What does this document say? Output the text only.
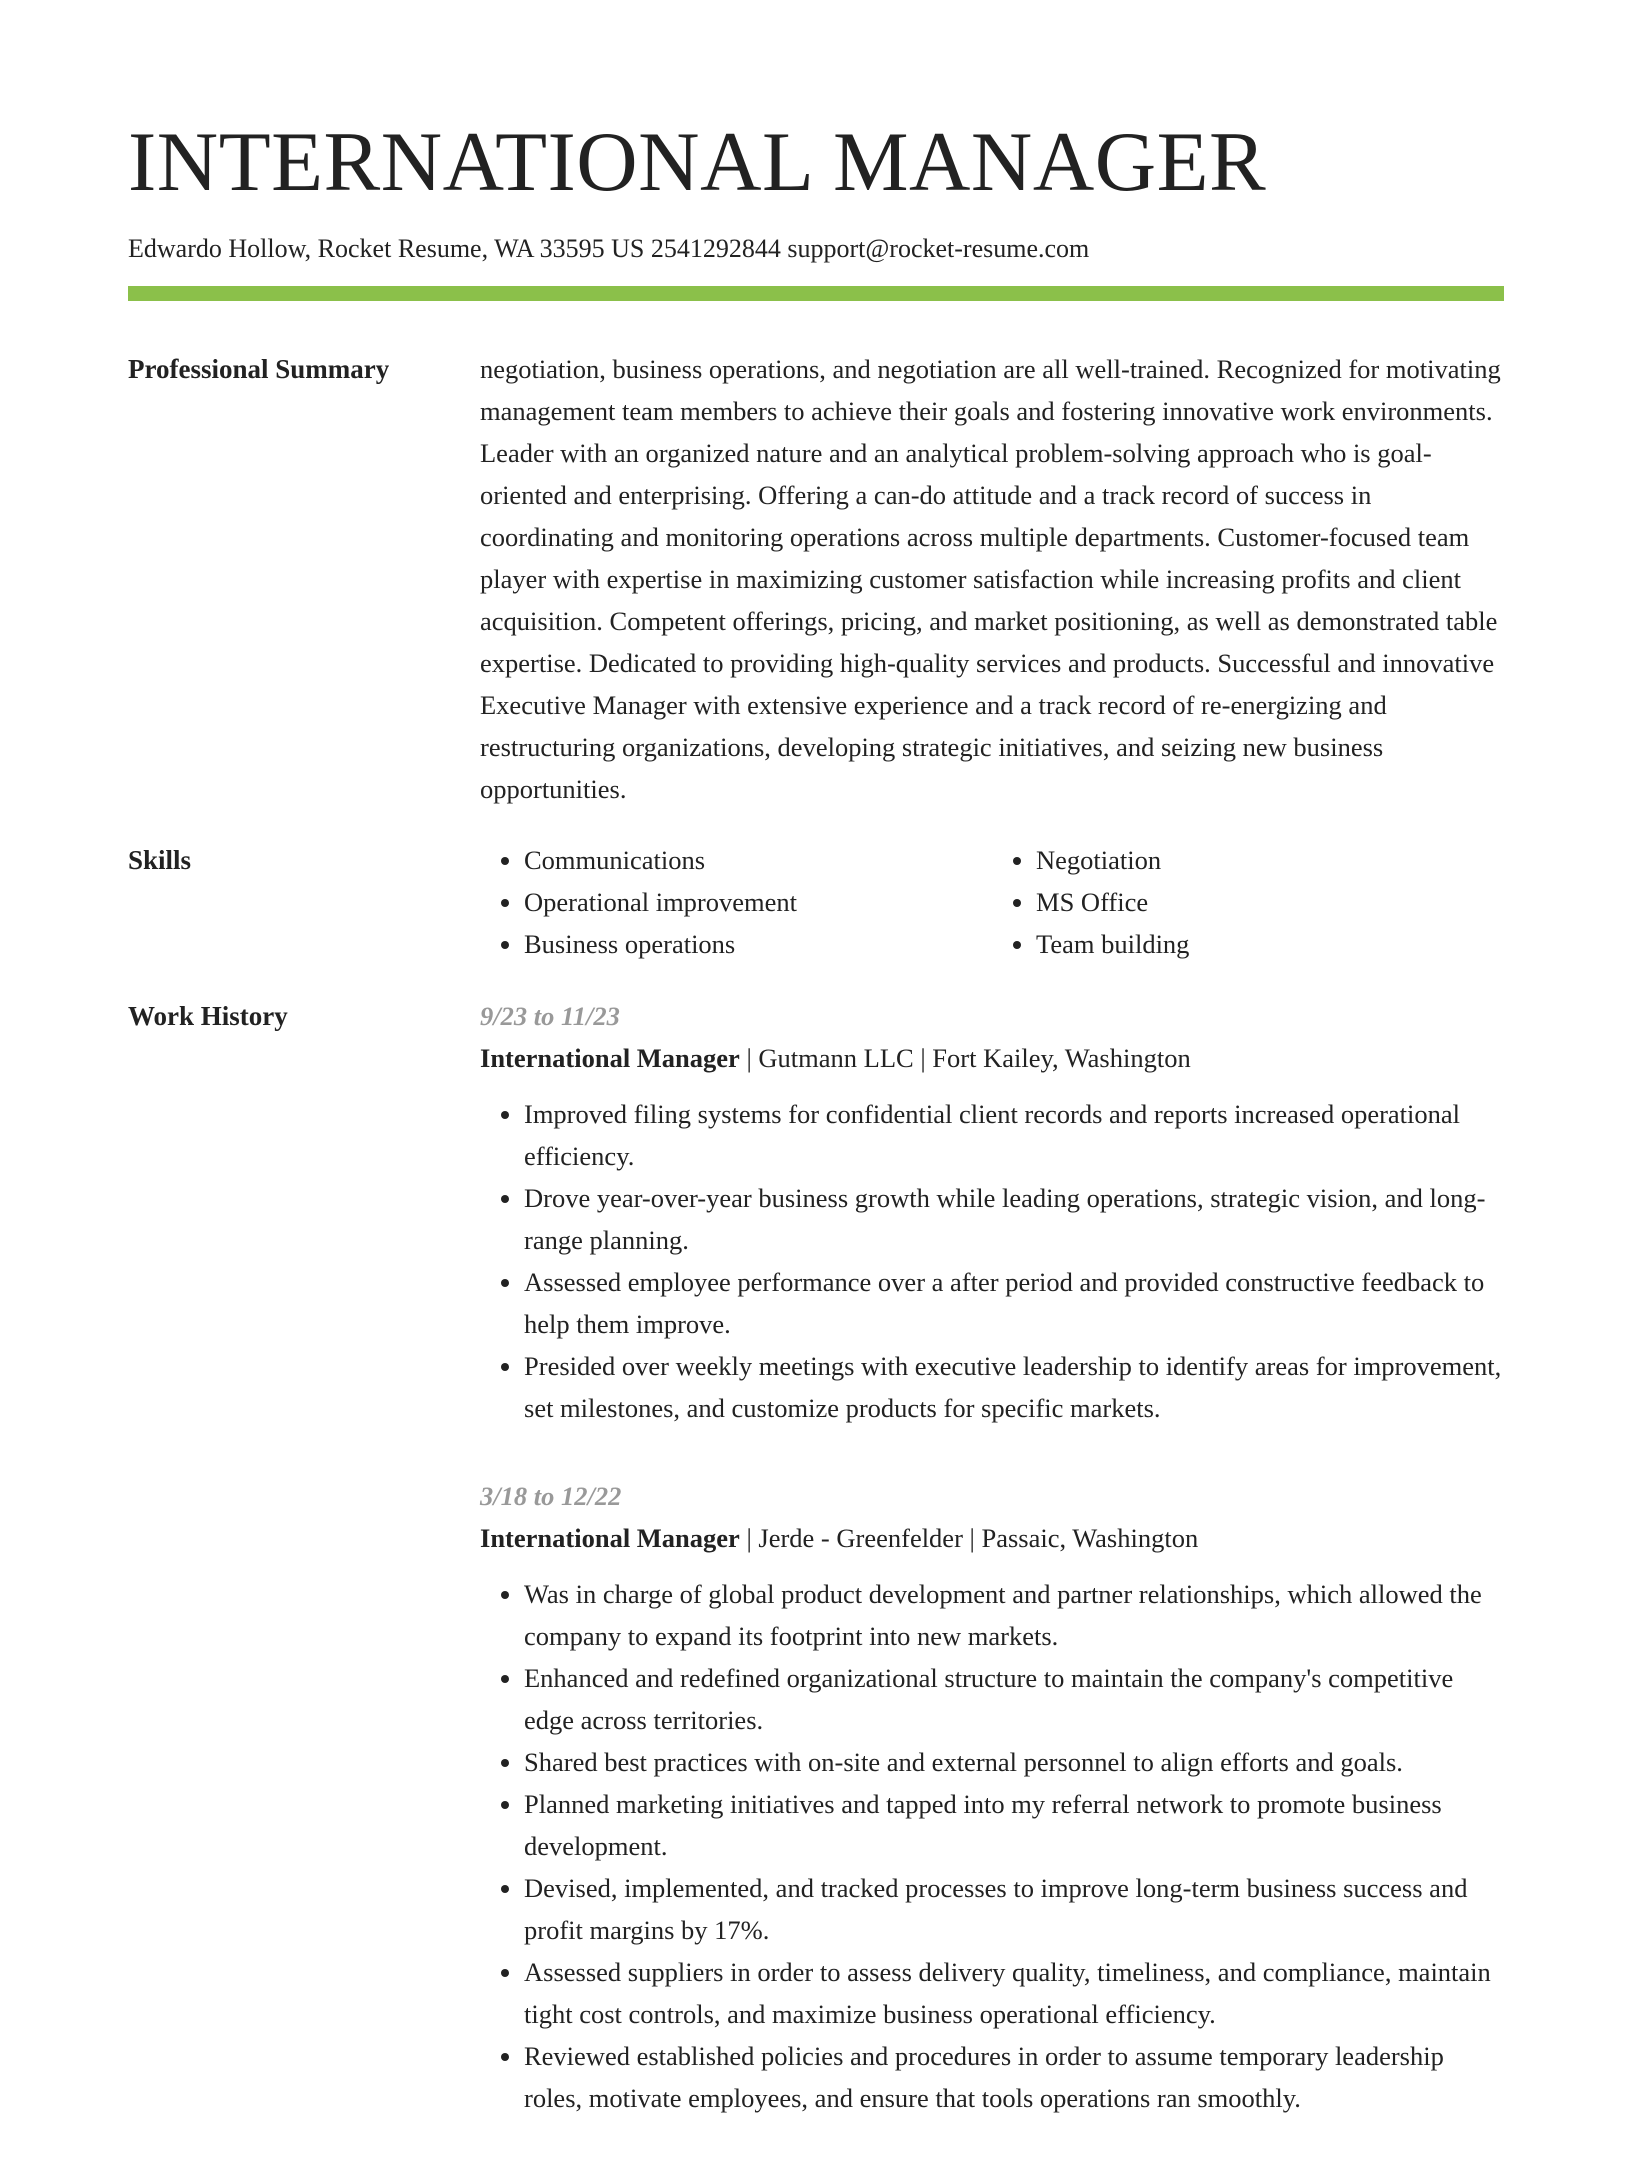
INTERNATIONAL MANAGER
Edwardo Hollow, Rocket Resume, WA 33595 US 2541292844 support@rocket-resume.com
Professional Summary	negotiation, business operations, and negotiation are all well-trained. Recognized for motivating management team members to achieve their goals and fostering innovative work environments. Leader with an organized nature and an analytical problem-solving approach who is goal-oriented and enterprising. Offering a can-do attitude and a track record of success in coordinating and monitoring operations across multiple departments. Customer-focused team player with expertise in maximizing customer satisfaction while increasing profits and client acquisition. Competent offerings, pricing, and market positioning, as well as demonstrated table expertise. Dedicated to providing high-quality services and products. Successful and innovative Executive Manager with extensive experience and a track record of re-energizing and restructuring organizations, developing strategic initiatives, and seizing new business opportunities.

Skills
•	Communications
• Operational improvement
• Business operations
• Negotiation
• MS Office
• Team building
Work History	9/23 to 11/23
International Manager | Gutmann LLC | Fort Kailey, Washington
• Improved filing systems for confidential client records and reports increased operational efficiency.
• Drove year-over-year business growth while leading operations, strategic vision, and long-range planning.
• Assessed employee performance over a after period and provided constructive feedback to help them improve.
• Presided over weekly meetings with executive leadership to identify areas for improvement, set milestones, and customize products for specific markets.
3/18 to 12/22
International Manager | Jerde - Greenfelder | Passaic, Washington
• Was in charge of global product development and partner relationships, which allowed the company to expand its footprint into new markets.
• Enhanced and redefined organizational structure to maintain the company's competitive edge across territories.
• Shared best practices with on-site and external personnel to align efforts and goals.
• Planned marketing initiatives and tapped into my referral network to promote business development.
• Devised, implemented, and tracked processes to improve long-term business success and profit margins by 17%.
• Assessed suppliers in order to assess delivery quality, timeliness, and compliance, maintain tight cost controls, and maximize business operational efficiency.
• Reviewed established policies and procedures in order to assume temporary leadership roles, motivate employees, and ensure that tools operations ran smoothly.
